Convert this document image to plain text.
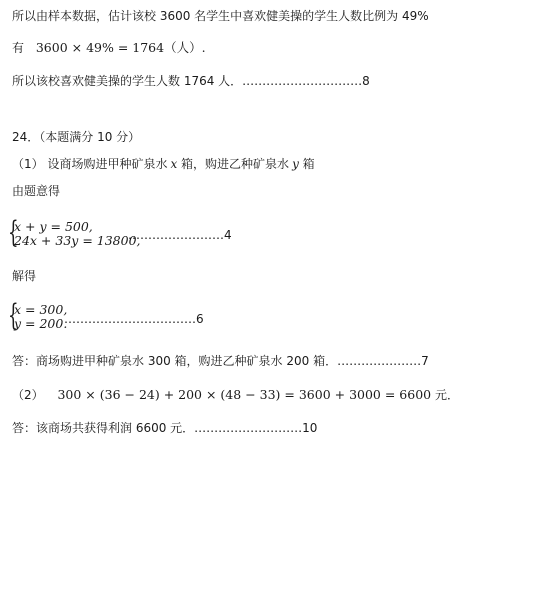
所以由样本数据，估计该校 3600 名学生中喜欢健美操的学生人数比例为 49%
有 3600 × 49% = 1764（人）.
所以该校喜欢健美操的学生人数 1764 人．…………………………8
24．（本题满分 10 分）
（1） 设商场购进甲种矿泉水 x 箱，购进乙种矿泉水 y 箱
由题意得
{
x + y = 500,
24x + 33y = 13800,
……………………4
解得
{
x = 300,
y = 200.
……………………………6
答：商场购进甲种矿泉水 300 箱，购进乙种矿泉水 200 箱．…………………7
（2） 300 × (36 − 24) + 200 × (48 − 33) = 3600 + 3000 = 6600 元．
答：该商场共获得利润 6600 元．………………………10
